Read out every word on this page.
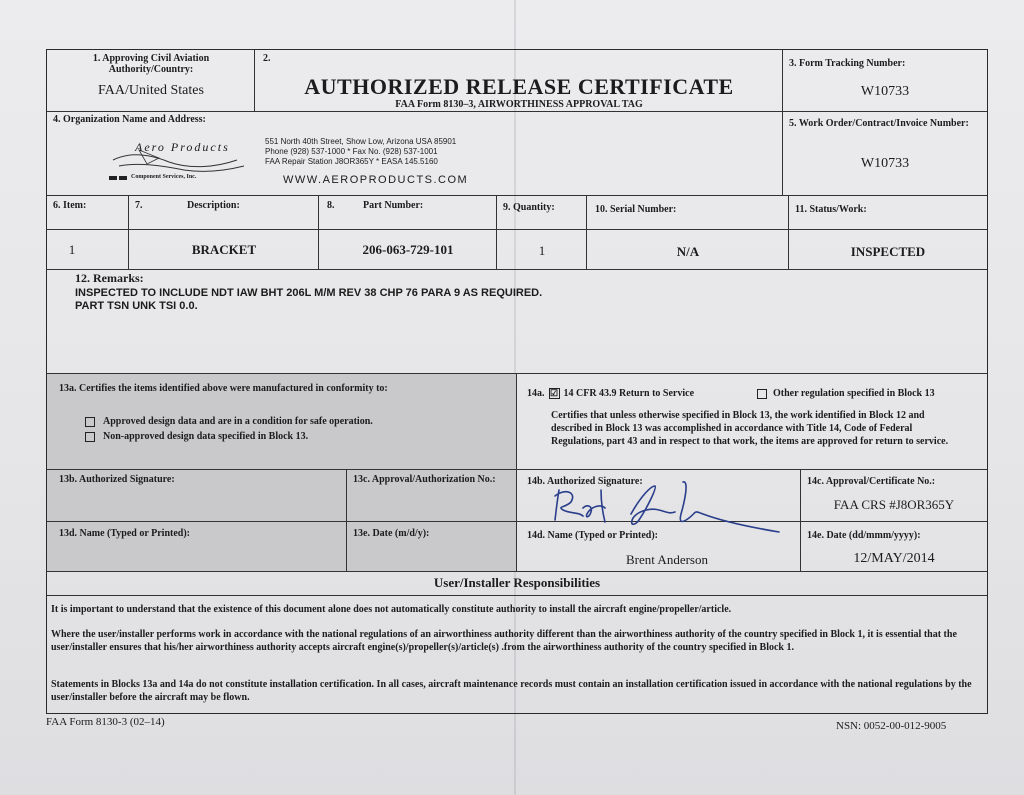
1. Approving Civil Aviation Authority/Country:
FAA/United States
2.
AUTHORIZED RELEASE CERTIFICATE
FAA Form 8130–3, AIRWORTHINESS APPROVAL TAG
3. Form Tracking Number:
W10733
4. Organization Name and Address:
Aero Products
Component Services, Inc.
551 North 40th Street, Show Low, Arizona USA 85901
Phone (928) 537-1000 * Fax No. (928) 537-1001
FAA Repair Station J8OR365Y * EASA 145.5160
WWW.AEROPRODUCTS.COM
5. Work Order/Contract/Invoice Number:
W10733
6. Item:	7.	Description:	8.	Part Number:	9. Quantity:	10. Serial Number:	11. Status/Work:
1	BRACKET	206-063-729-101	1	N/A	INSPECTED
12. Remarks:
INSPECTED TO INCLUDE NDT IAW BHT 206L M/M REV 38 CHP 76 PARA 9 AS REQUIRED.
PART TSN UNK TSI 0.0.
13a. Certifies the items identified above were manufactured in conformity to:
Approved design data and are in a condition for safe operation.
Non-approved design data specified in Block 13.
14a. ☑ 14 CFR 43.9 Return to Service	Other regulation specified in Block 13
Certifies that unless otherwise specified in Block 13, the work identified in Block 12 and described in Block 13 was accomplished in accordance with Title 14, Code of Federal Regulations, part 43 and in respect to that work, the items are approved for return to service.
13b. Authorized Signature:	13c. Approval/Authorization No.:	14b. Authorized Signature:	14c. Approval/Certificate No.:
FAA CRS #J8OR365Y
13d. Name (Typed or Printed):	13e. Date (m/d/y):	14d. Name (Typed or Printed):
Brent Anderson
14e. Date (dd/mmm/yyyy):
12/MAY/2014
User/Installer Responsibilities
It is important to understand that the existence of this document alone does not automatically constitute authority to install the aircraft engine/propeller/article.
Where the user/installer performs work in accordance with the national regulations of an airworthiness authority different than the airworthiness authority of the country specified in Block 1, it is essential that the user/installer ensures that his/her airworthiness authority accepts aircraft engine(s)/propeller(s)/article(s) .from the airworthiness authority of the country specified in Block 1.
Statements in Blocks 13a and 14a do not constitute installation certification. In all cases, aircraft maintenance records must contain an installation certification issued in accordance with the national regulations by the user/installer before the aircraft may be flown.
FAA Form 8130-3 (02–14)	NSN: 0052-00-012-9005
